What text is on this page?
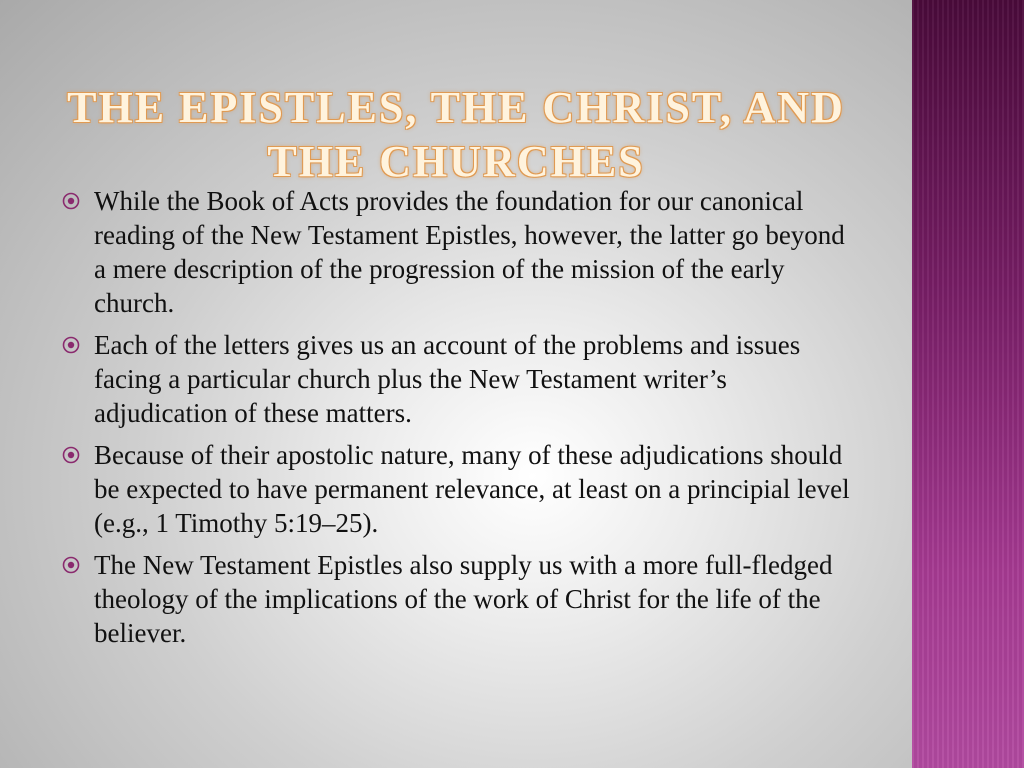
THE EPISTLES, THE CHRIST, AND THE CHURCHES
While the Book of Acts provides the foundation for our canonical reading of the New Testament Epistles, however, the latter go beyond a mere description of the progression of the mission of the early church.
Each of the letters gives us an account of the problems and issues facing a particular church plus the New Testament writer’s adjudication of these matters.
Because of their apostolic nature, many of these adjudications should be expected to have permanent relevance, at least on a principial level (e.g., 1 Timothy 5:19–25).
The New Testament Epistles also supply us with a more full-fledged theology of the implications of the work of Christ for the life of the believer.
